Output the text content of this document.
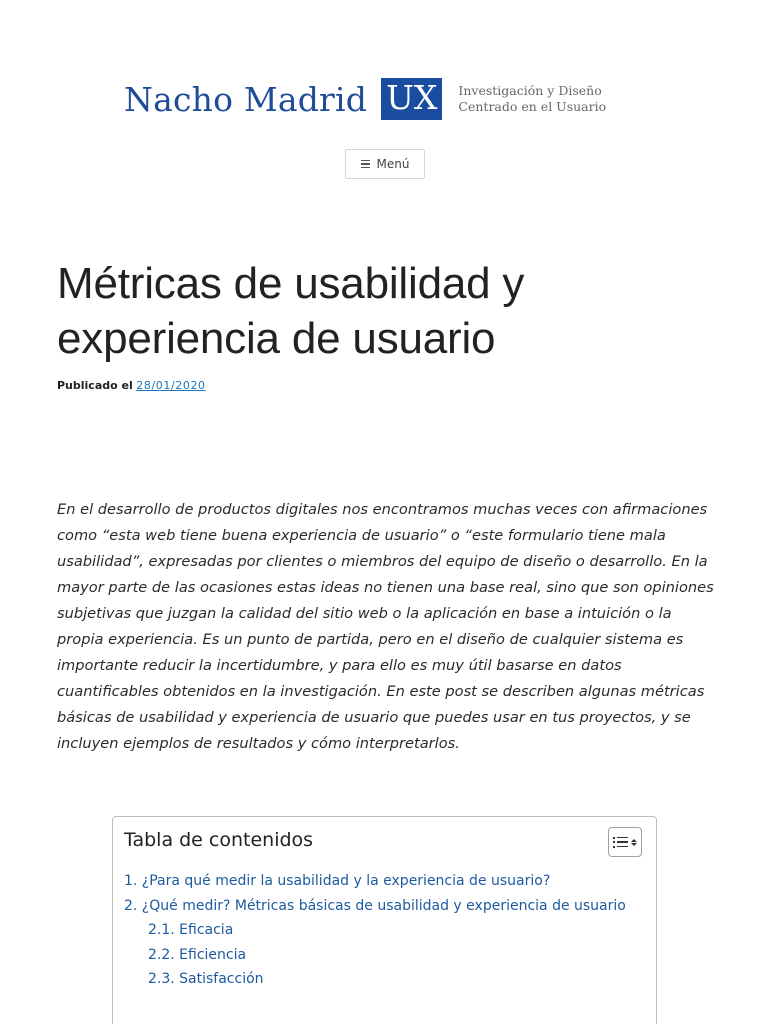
Nacho Madrid UX	Investigación y Diseño
Centrado en el Usuario
Menú
Métricas de usabilidad y experiencia de usuario
Publicado el 28/01/2020

En el desarrollo de productos digitales nos encontramos muchas veces con afirmaciones como “esta web tiene buena experiencia de usuario” o “este formulario tiene mala usabilidad”, expresadas por clientes o miembros del equipo de diseño o desarrollo. En la mayor parte de las ocasiones estas ideas no tienen una base real, sino que son opiniones subjetivas que juzgan la calidad del sitio web o la aplicación en base a intuición o la propia experiencia. Es un punto de partida, pero en el diseño de cualquier sistema es importante reducir la incertidumbre, y para ello es muy útil basarse en datos cuantificables obtenidos en la investigación. En este post se describen algunas métricas básicas de usabilidad y experiencia de usuario que puedes usar en tus proyectos, y se incluyen ejemplos de resultados y cómo interpretarlos.

Tabla de contenidos
1. ¿Para qué medir la usabilidad y la experiencia de usuario?
2. ¿Qué medir? Métricas básicas de usabilidad y experiencia de usuario
2.1. Eficacia
2.2. Eficiencia
2.3. Satisfacción
